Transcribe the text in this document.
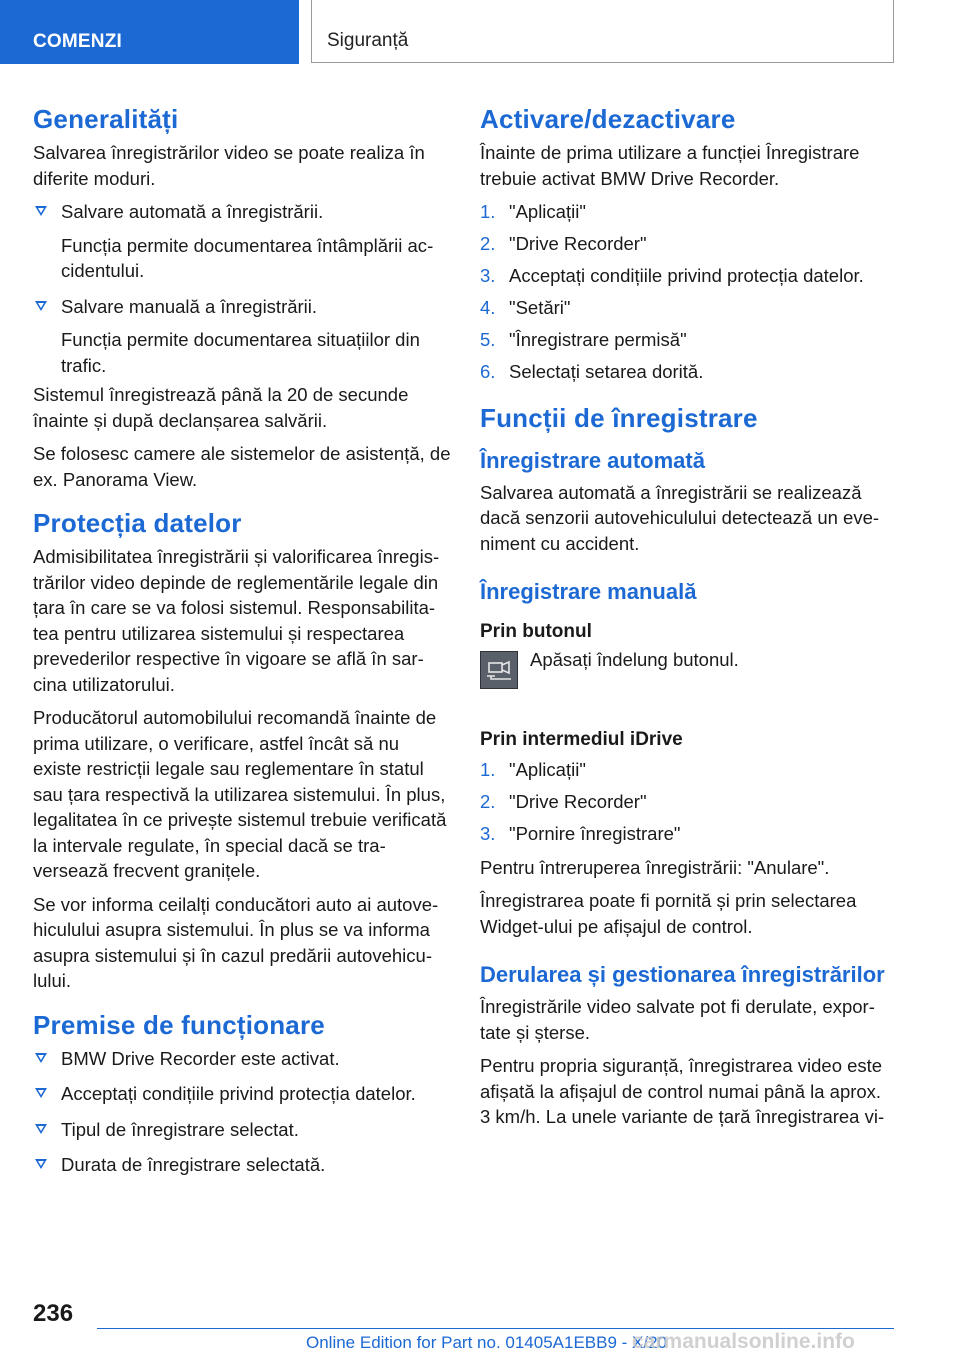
COMENZI	Siguranță
Generalități

Salvarea înregistrărilor video se poate realiza în diferite moduri.

Salvare automată a înregistrării.
Funcția permite documentarea întâmplării accidentului.
Salvare manuală a înregistrării.
Funcția permite documentarea situațiilor din trafic.

Sistemul înregistrează până la 20 de secunde înainte și după declanșarea salvării.

Se folosesc camere ale sistemelor de asistență, de ex. Panorama View.

Protecția datelor

Admisibilitatea înregistrării și valorificarea înregistrărilor video depinde de reglementările legale din țara în care se va folosi sistemul. Responsabilitatea pentru utilizarea sistemului și respectarea prevederilor respective în vigoare se află în sarcina utilizatorului.

Producătorul automobilului recomandă înainte de prima utilizare, o verificare, astfel încât să nu existe restricții legale sau reglementare în statul sau țara respectivă la utilizarea sistemului. În plus, legalitatea în ce privește sistemul trebuie verificată la intervale regulate, în special dacă se traversează frecvent granițele.

Se vor informa ceilalți conducători auto ai autovehiculului asupra sistemului. În plus se va informa asupra sistemului și în cazul predării autovehiculului.

Premise de funcționare
BMW Drive Recorder este activat.
Acceptați condițiile privind protecția datelor.
Tipul de înregistrare selectat.
Durata de înregistrare selectată.
Activare/dezactivare

Înainte de prima utilizare a funcției Înregistrare trebuie activat BMW Drive Recorder.

1. "Aplicații"
2. "Drive Recorder"
3. Acceptați condițiile privind protecția datelor.
4. "Setări"
5. "Înregistrare permisă"
6. Selectați setarea dorită.
Funcții de înregistrare
Înregistrare automată

Salvarea automată a înregistrării se realizează dacă senzorii autovehiculului detectează un eveniment cu accident.

Înregistrare manuală
Prin butonul
Apăsați îndelung butonul.
Prin intermediul iDrive
1. "Aplicații"
2. "Drive Recorder"
3. "Pornire înregistrare"

Pentru întreruperea înregistrării: "Anulare".

Înregistrarea poate fi pornită și prin selectarea Widget-ului pe afișajul de control.

Derularea și gestionarea înregistrărilor

Înregistrările video salvate pot fi derulate, exportate și șterse.

Pentru propria siguranță, înregistrarea video este afișată la afișajul de control numai până la aprox. 3 km/h. La unele variante de țară înregistrarea vi-

236
Online Edition for Part no. 01405A1EBB9 - X/20
carmanualsonline.info
